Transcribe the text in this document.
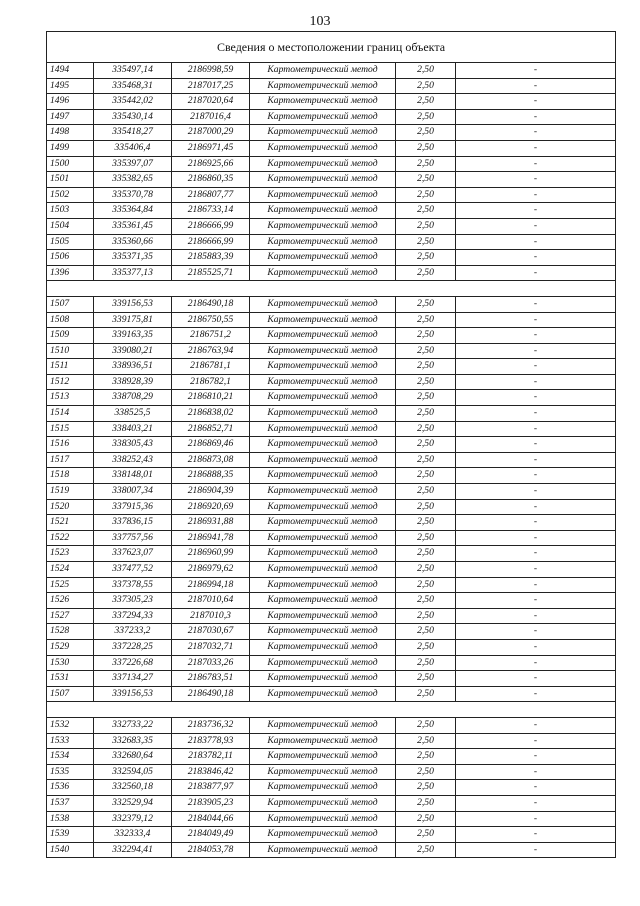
103
Сведения о местоположении границ объекта					
1494	335497,14	2186998,59	Картометрический метод	2,50	-
1495	335468,31	2187017,25	Картометрический метод	2,50	-
1496	335442,02	2187020,64	Картометрический метод	2,50	-
1497	335430,14	2187016,4	Картометрический метод	2,50	-
1498	335418,27	2187000,29	Картометрический метод	2,50	-
1499	335406,4	2186971,45	Картометрический метод	2,50	-
1500	335397,07	2186925,66	Картометрический метод	2,50	-
1501	335382,65	2186860,35	Картометрический метод	2,50	-
1502	335370,78	2186807,77	Картометрический метод	2,50	-
1503	335364,84	2186733,14	Картометрический метод	2,50	-
1504	335361,45	2186666,99	Картометрический метод	2,50	-
1505	335360,66	2186666,99	Картометрический метод	2,50	-
1506	335371,35	2185883,39	Картометрический метод	2,50	-
1396	335377,13	2185525,71	Картометрический метод	2,50	-

1507	339156,53	2186490,18	Картометрический метод	2,50	-
1508	339175,81	2186750,55	Картометрический метод	2,50	-
1509	339163,35	2186751,2	Картометрический метод	2,50	-
1510	339080,21	2186763,94	Картометрический метод	2,50	-
1511	338936,51	2186781,1	Картометрический метод	2,50	-
1512	338928,39	2186782,1	Картометрический метод	2,50	-
1513	338708,29	2186810,21	Картометрический метод	2,50	-
1514	338525,5	2186838,02	Картометрический метод	2,50	-
1515	338403,21	2186852,71	Картометрический метод	2,50	-
1516	338305,43	2186869,46	Картометрический метод	2,50	-
1517	338252,43	2186873,08	Картометрический метод	2,50	-
1518	338148,01	2186888,35	Картометрический метод	2,50	-
1519	338007,34	2186904,39	Картометрический метод	2,50	-
1520	337915,36	2186920,69	Картометрический метод	2,50	-
1521	337836,15	2186931,88	Картометрический метод	2,50	-
1522	337757,56	2186941,78	Картометрический метод	2,50	-
1523	337623,07	2186960,99	Картометрический метод	2,50	-
1524	337477,52	2186979,62	Картометрический метод	2,50	-
1525	337378,55	2186994,18	Картометрический метод	2,50	-
1526	337305,23	2187010,64	Картометрический метод	2,50	-
1527	337294,33	2187010,3	Картометрический метод	2,50	-
1528	337233,2	2187030,67	Картометрический метод	2,50	-
1529	337228,25	2187032,71	Картометрический метод	2,50	-
1530	337226,68	2187033,26	Картометрический метод	2,50	-
1531	337134,27	2186783,51	Картометрический метод	2,50	-
1507	339156,53	2186490,18	Картометрический метод	2,50	-

1532	332733,22	2183736,32	Картометрический метод	2,50	-
1533	332683,35	2183778,93	Картометрический метод	2,50	-
1534	332680,64	2183782,11	Картометрический метод	2,50	-
1535	332594,05	2183846,42	Картометрический метод	2,50	-
1536	332560,18	2183877,97	Картометрический метод	2,50	-
1537	332529,94	2183905,23	Картометрический метод	2,50	-
1538	332379,12	2184044,66	Картометрический метод	2,50	-
1539	332333,4	2184049,49	Картометрический метод	2,50	-
1540	332294,41	2184053,78	Картометрический метод	2,50	-
